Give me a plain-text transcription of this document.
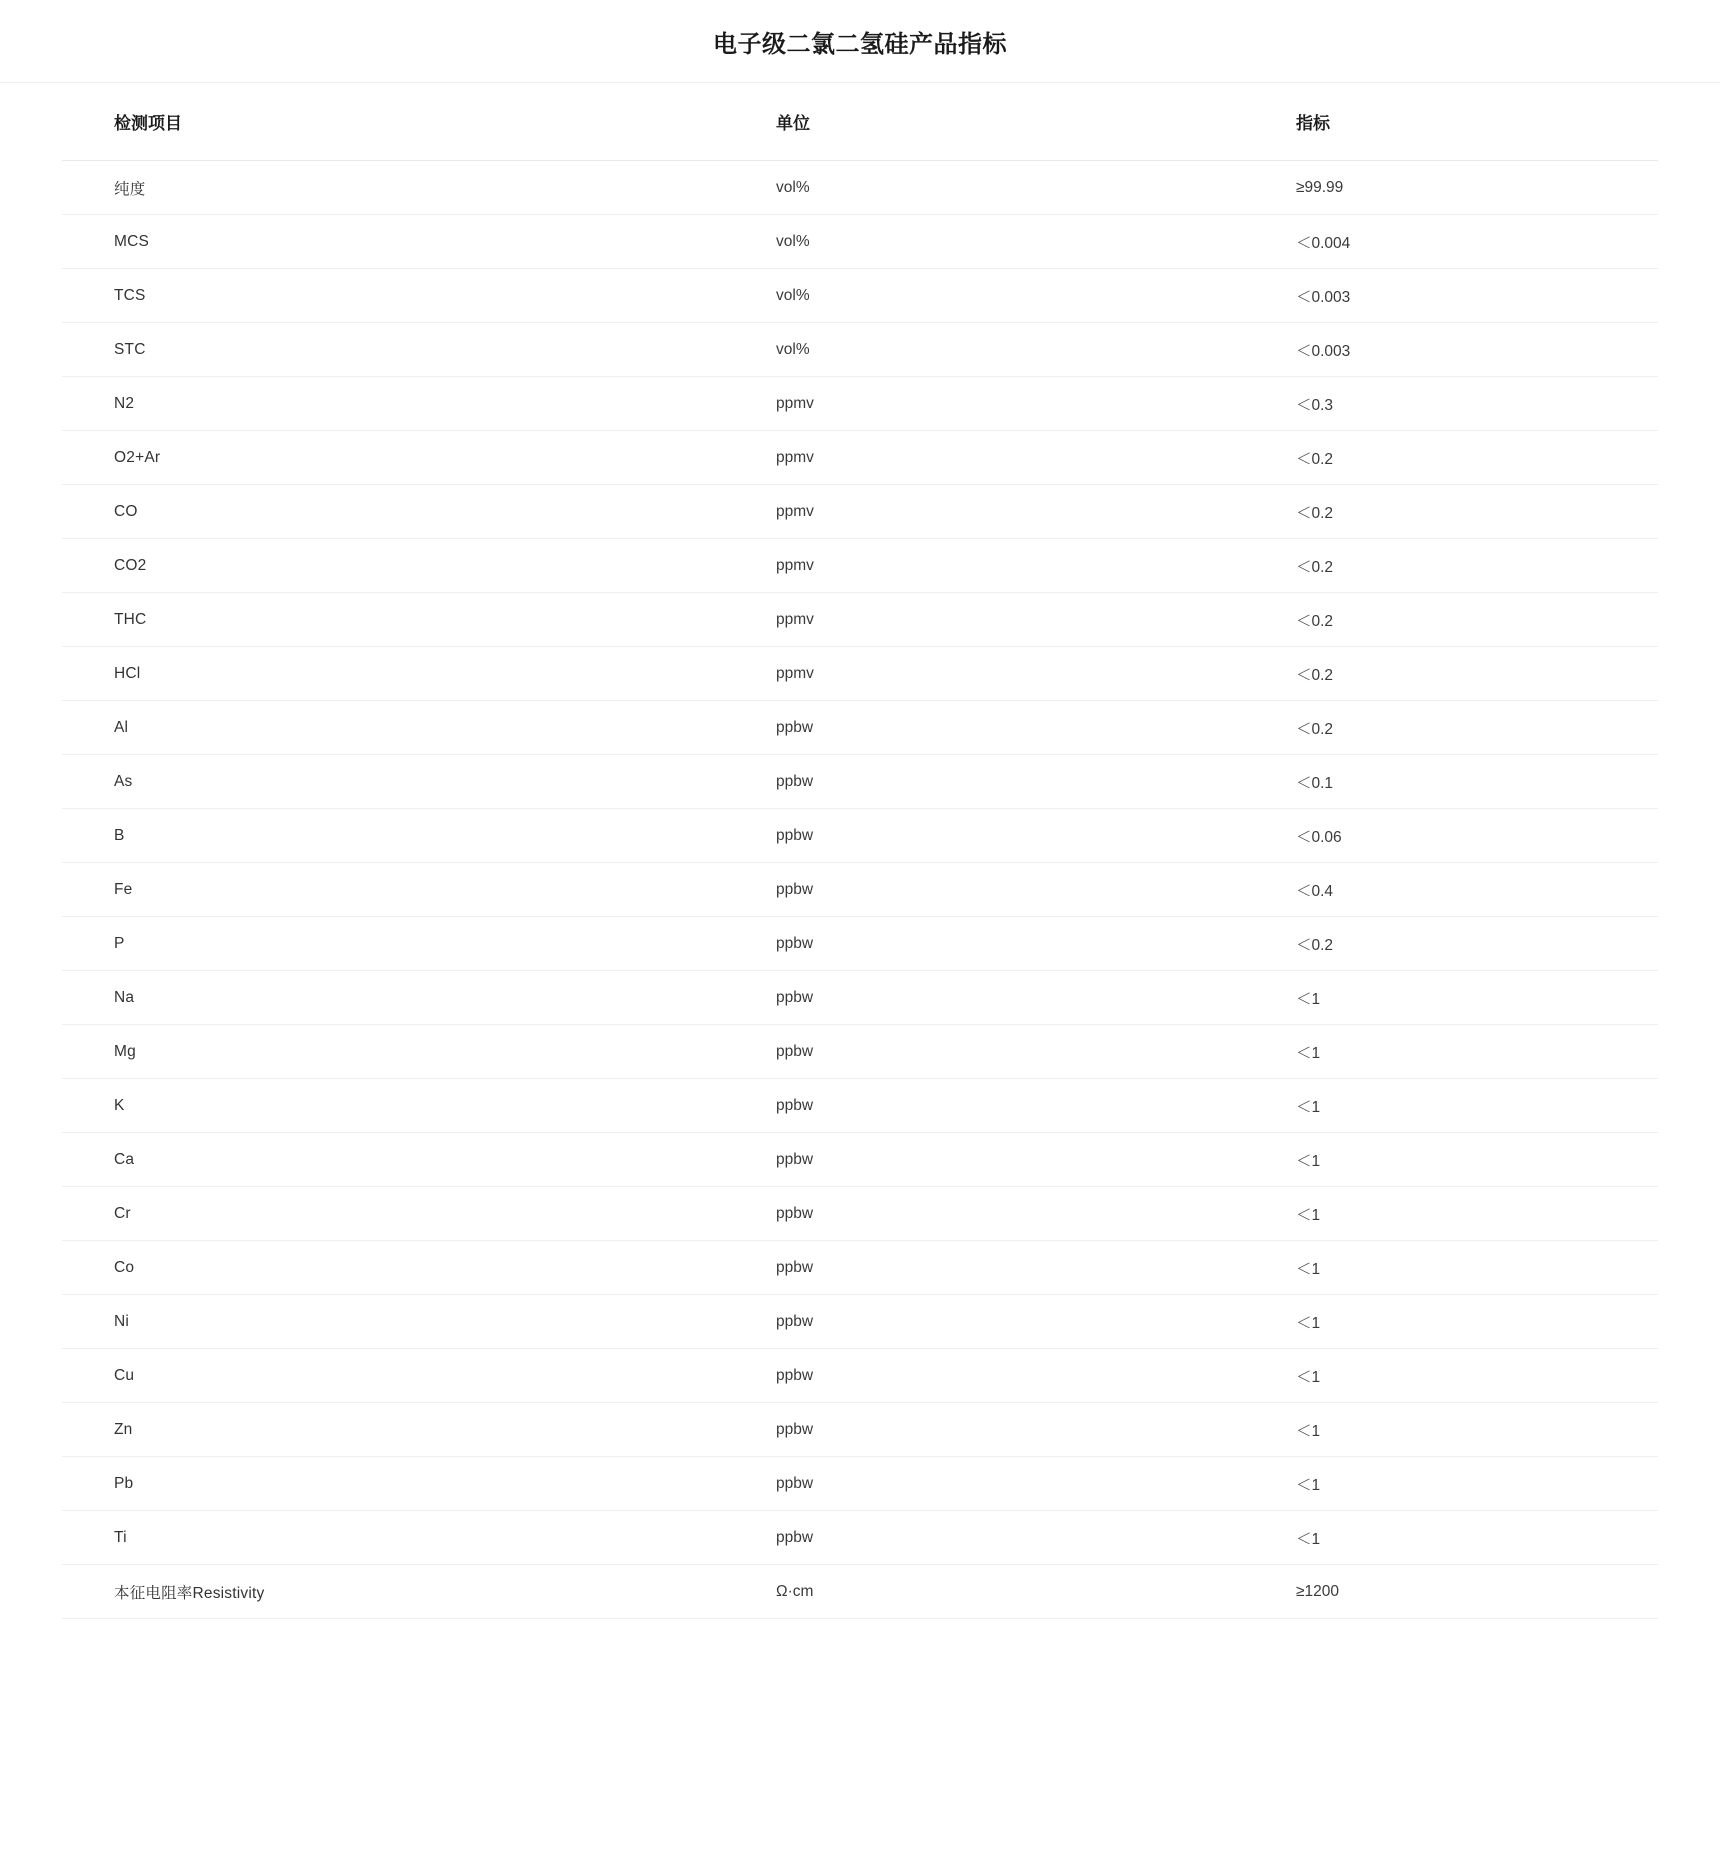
电子级二氯二氢硅产品指标
检测项目	单位	指标
纯度	vol%	≥99.99
MCS	vol%	＜0.004
TCS	vol%	＜0.003
STC	vol%	＜0.003
N2	ppmv	＜0.3
O2+Ar	ppmv	＜0.2
CO	ppmv	＜0.2
CO2	ppmv	＜0.2
THC	ppmv	＜0.2
HCl	ppmv	＜0.2
Al	ppbw	＜0.2
As	ppbw	＜0.1
B	ppbw	＜0.06
Fe	ppbw	＜0.4
P	ppbw	＜0.2
Na	ppbw	＜1
Mg	ppbw	＜1
K	ppbw	＜1
Ca	ppbw	＜1
Cr	ppbw	＜1
Co	ppbw	＜1
Ni	ppbw	＜1
Cu	ppbw	＜1
Zn	ppbw	＜1
Pb	ppbw	＜1
Ti	ppbw	＜1
本征电阻率Resistivity	Ω·cm	≥1200
